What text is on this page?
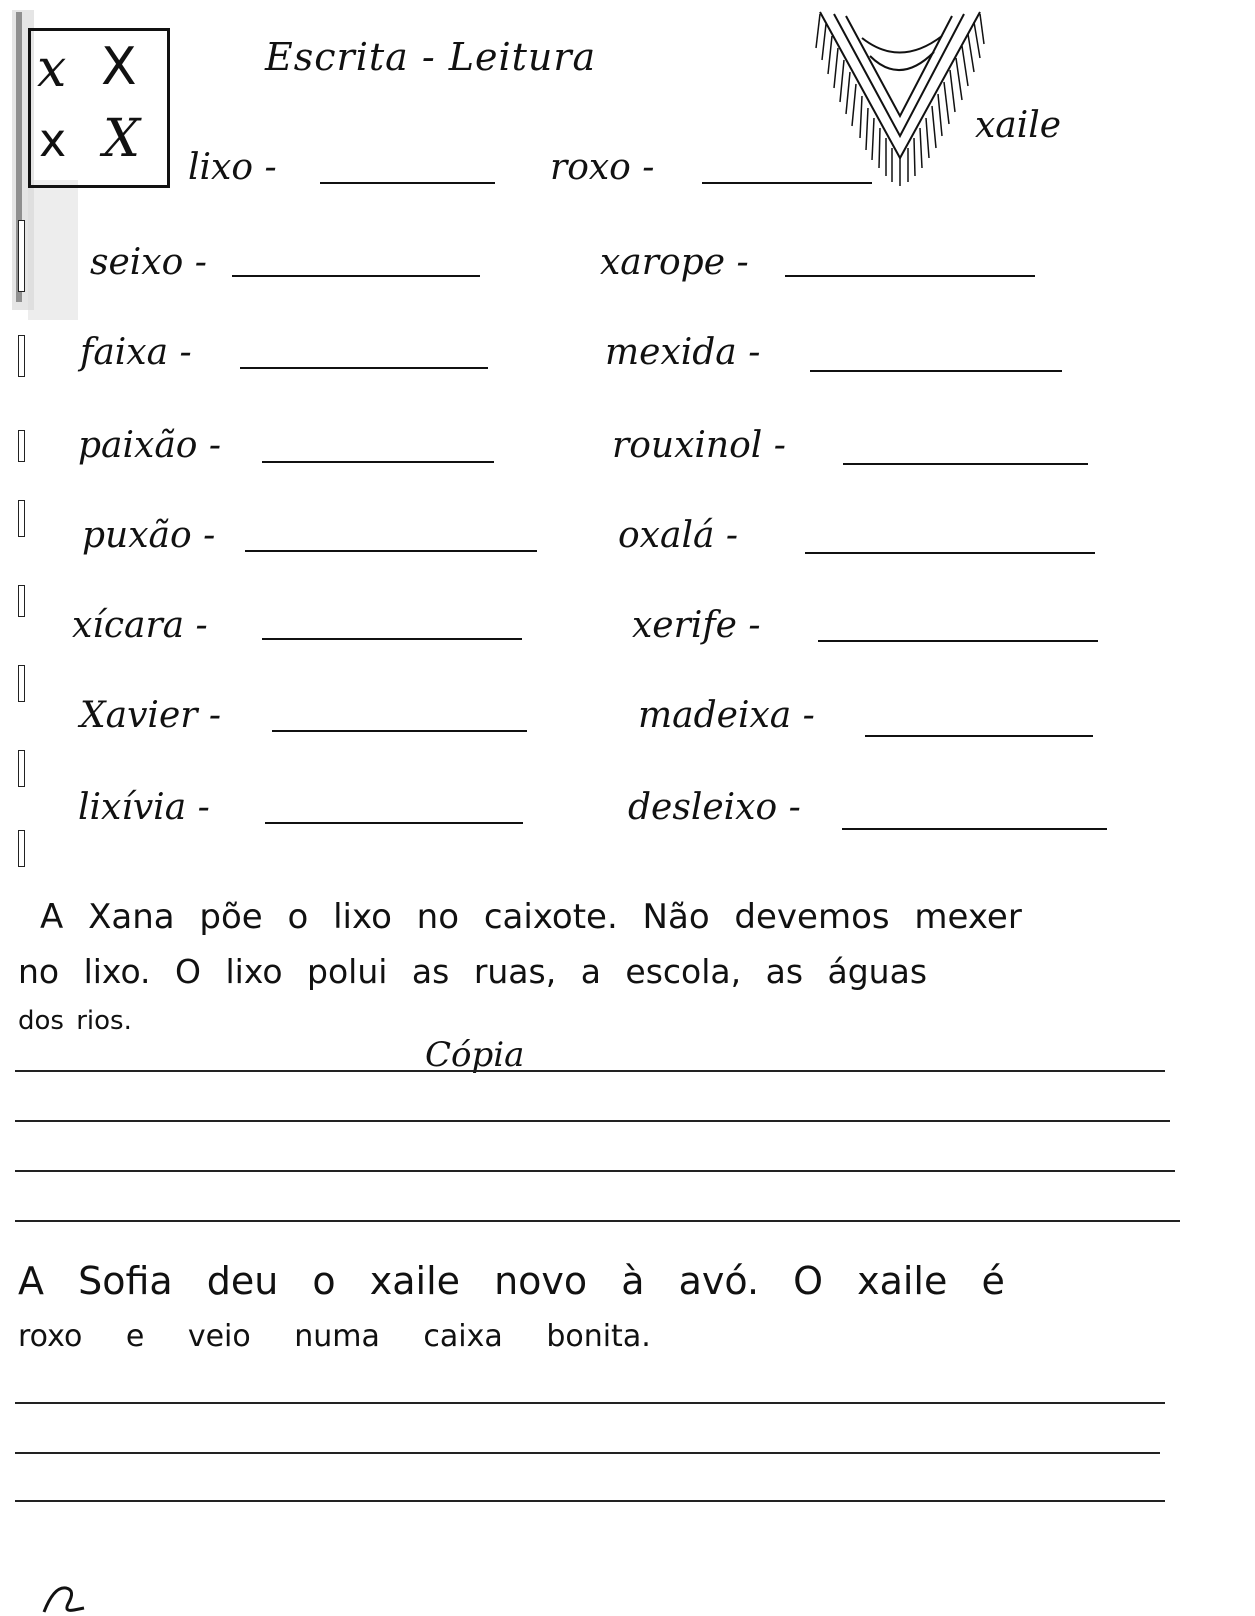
x X
x X
Escrita - Leitura
xaile
lixo -	roxo -
seixo -	xarope -
faixa -	mexida -
paixão -	rouxinol -
puxão -	oxalá -
xícara -	xerife -
Xavier -	madeixa -
lixívia -	desleixo -
A Xana põe o lixo no caixote. Não devemos mexer
no lixo. O lixo polui as ruas, a escola, as águas
dos rios.
Cópia
A Sofia deu o xaile novo à avó. O xaile é
roxo e veio numa caixa bonita.
